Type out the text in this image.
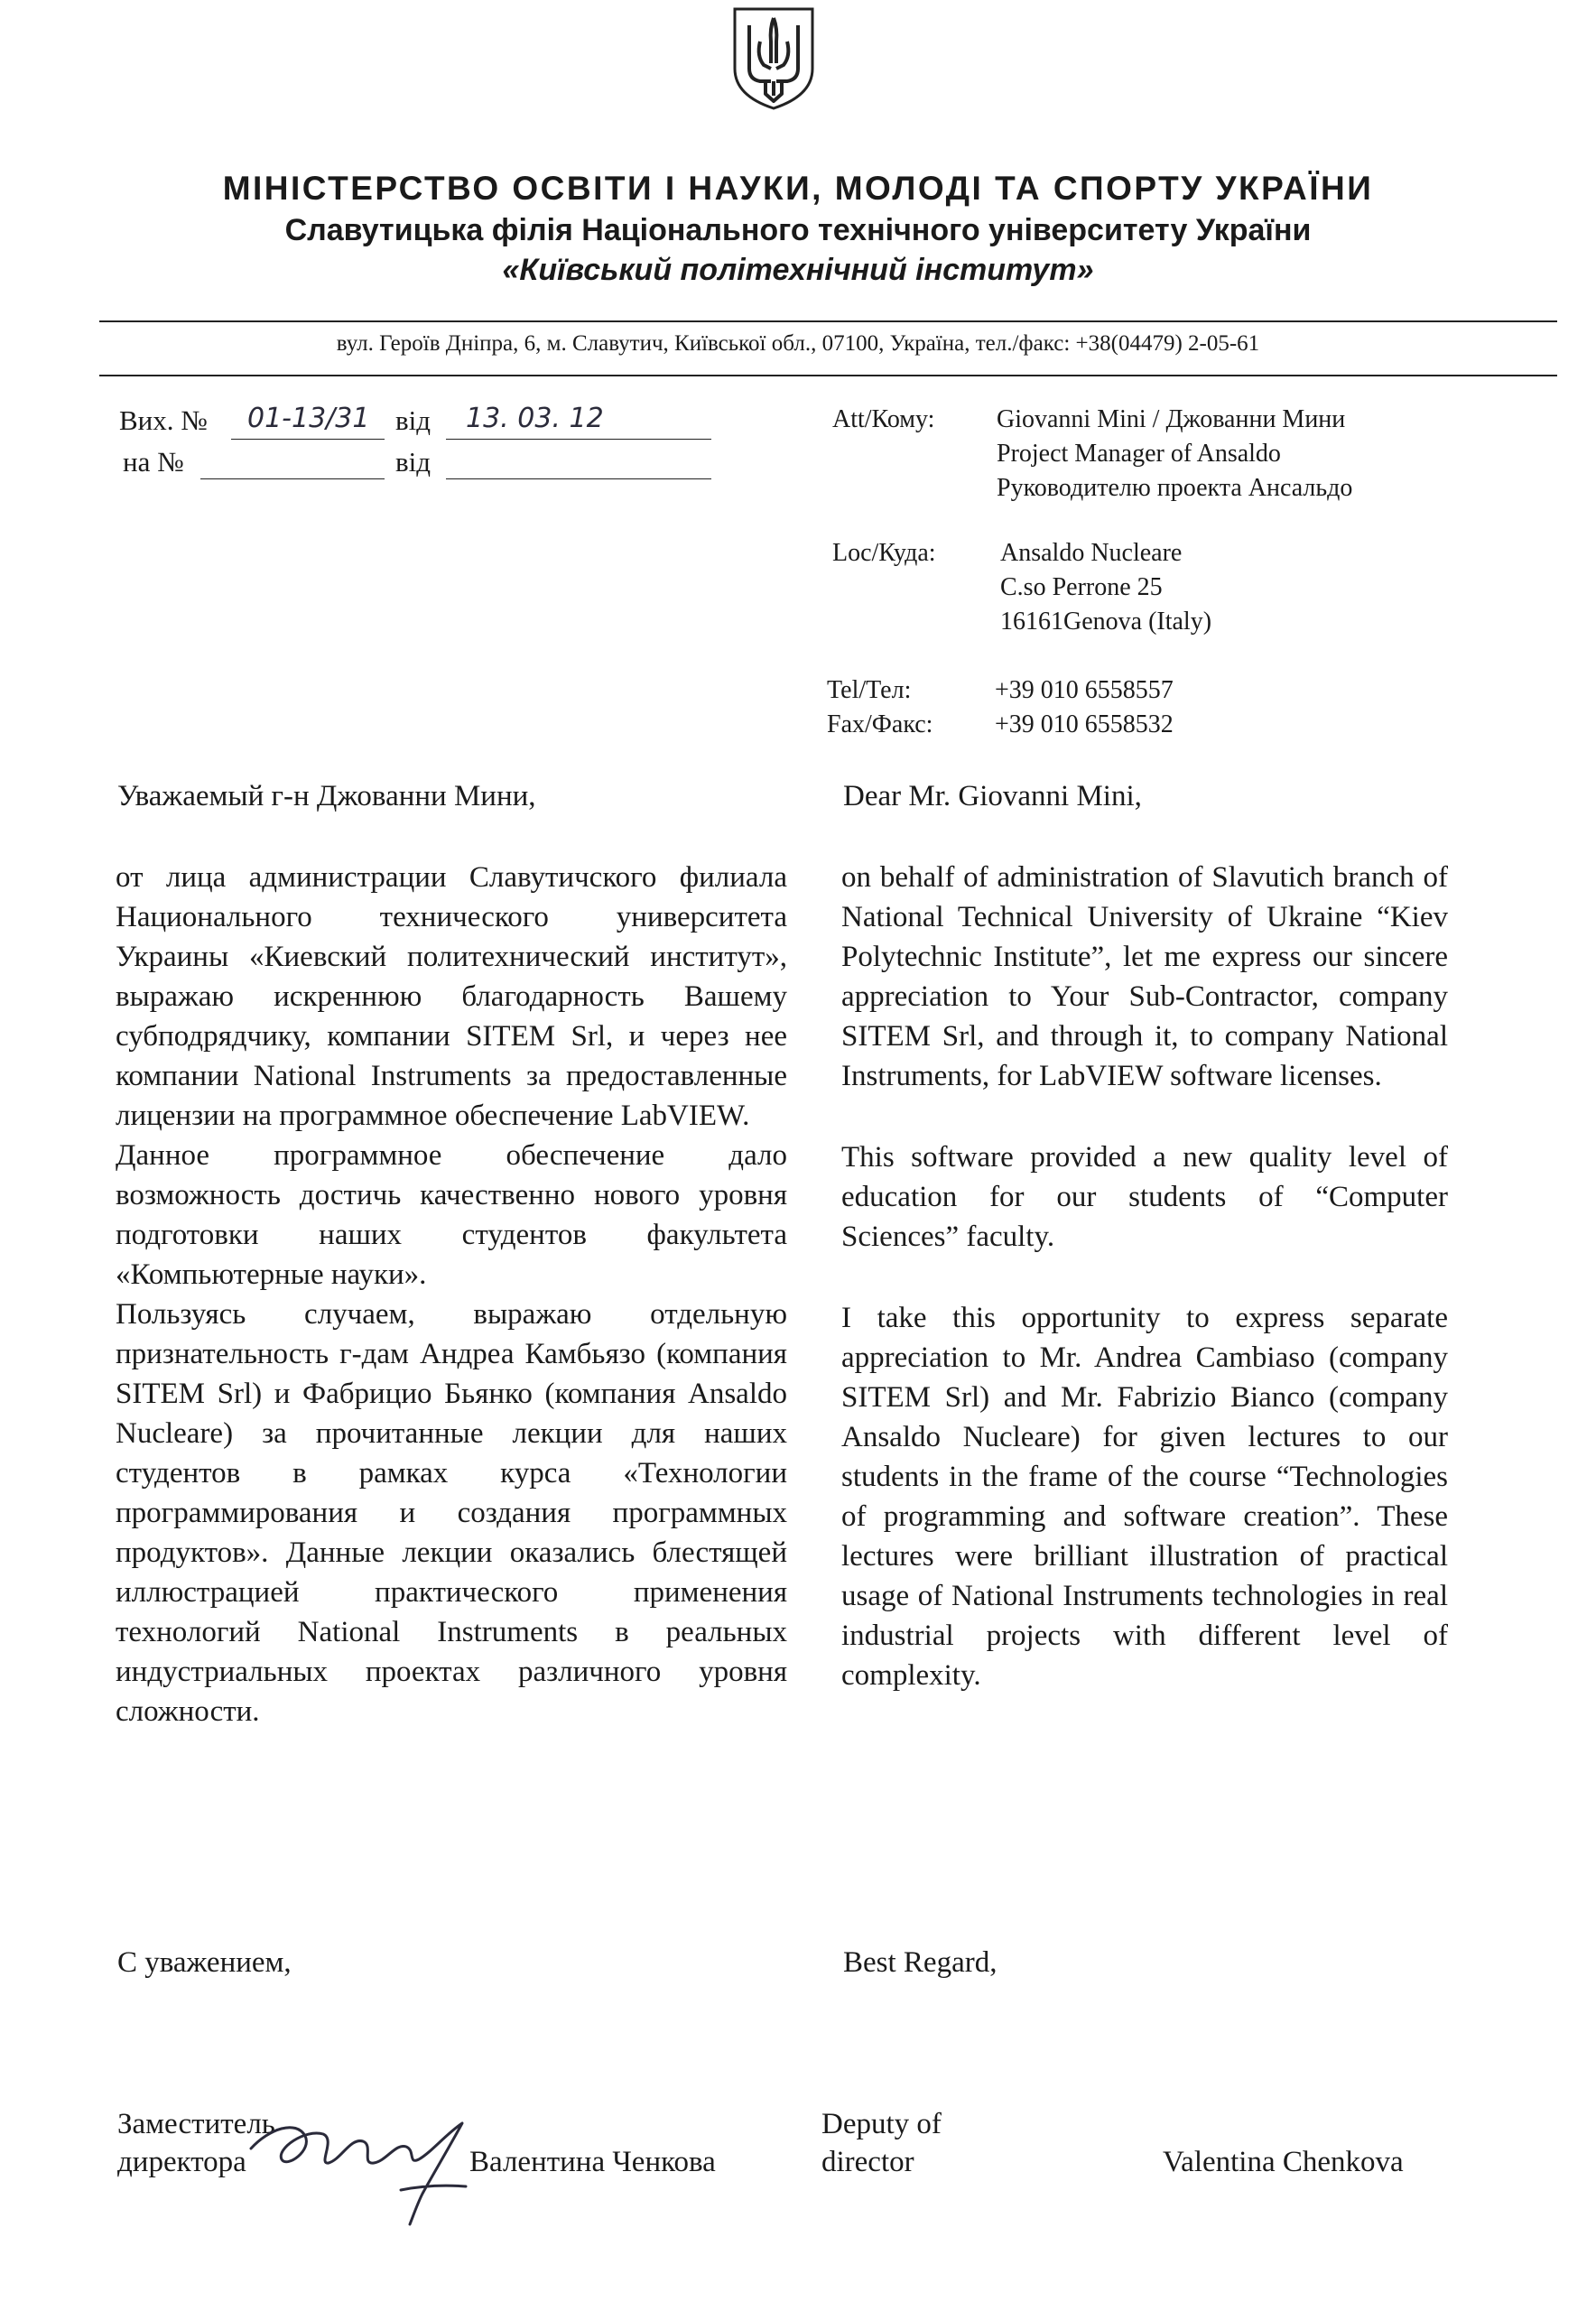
МІНІСТЕРСТВО ОСВІТИ І НАУКИ, МОЛОДІ ТА СПОРТУ УКРАЇНИ
Славутицька філія Національного технічного університету України
«Київський політехнічний інститут»
вул. Героїв Дніпра, 6, м. Славутич, Київської обл., 07100, Україна, тел./факс: +38(04479) 2-05-61
Вих. № 01-13/31 від 13. 03. 12
на №	від
Att/Кому: Giovanni Mini / Джованни Мини
Project Manager of Ansaldo
Руководителю проекта Ансальдо
Loc/Куда:	Ansaldo Nucleare
C.so Perrone 25
16161Genova (Italy)
Tel/Тел:	+39 010 6558557
Fax/Факс: +39 010 6558532
Уважаемый г-н Джованни Мини,	Dear Mr. Giovanni Mini,

от лица администрации Славутичского филиала Национального технического университета Украины «Киевский политехнический институт», выражаю искреннюю благодарность Вашему субподрядчику, компании SITEM Srl, и через нее компании National Instruments за предоставленные лицензии на программное обеспечение LabVIEW.

Данное программное обеспечение дало возможность достичь качественно нового уровня подготовки наших студентов факультета «Компьютерные науки».

Пользуясь случаем, выражаю отдельную признательность г-дам Андреа Камбьязо (компания SITEM Srl) и Фабрицио Бьянко (компания Ansaldo Nucleare) за прочитанные лекции для наших студентов в рамках курса «Технологии программирования и создания программных продуктов». Данные лекции оказались блестящей иллюстрацией практического применения технологий National Instruments в реальных индустриальных проектах различного уровня сложности.

on behalf of administration of Slavutich branch of National Technical University of Ukraine “Kiev Polytechnic Institute”, let me express our sincere appreciation to Your Sub-Contractor, company SITEM Srl, and through it, to company National Instruments, for LabVIEW software licenses.

This software provided a new quality level of education for our students of “Computer Sciences” faculty.

I take this opportunity to express separate appreciation to Mr. Andrea Cambiaso (company SITEM Srl) and Mr. Fabrizio Bianco (company Ansaldo Nucleare) for given lectures to our students in the frame of the course “Technologies of programming and software creation”. These lectures were brilliant illustration of practical usage of National Instruments technologies in real industrial projects with different level of complexity.

С уважением,	Best Regard,
Заместитель
директора	Валентина Ченкова
Deputy of
director	Valentina Chenkova
